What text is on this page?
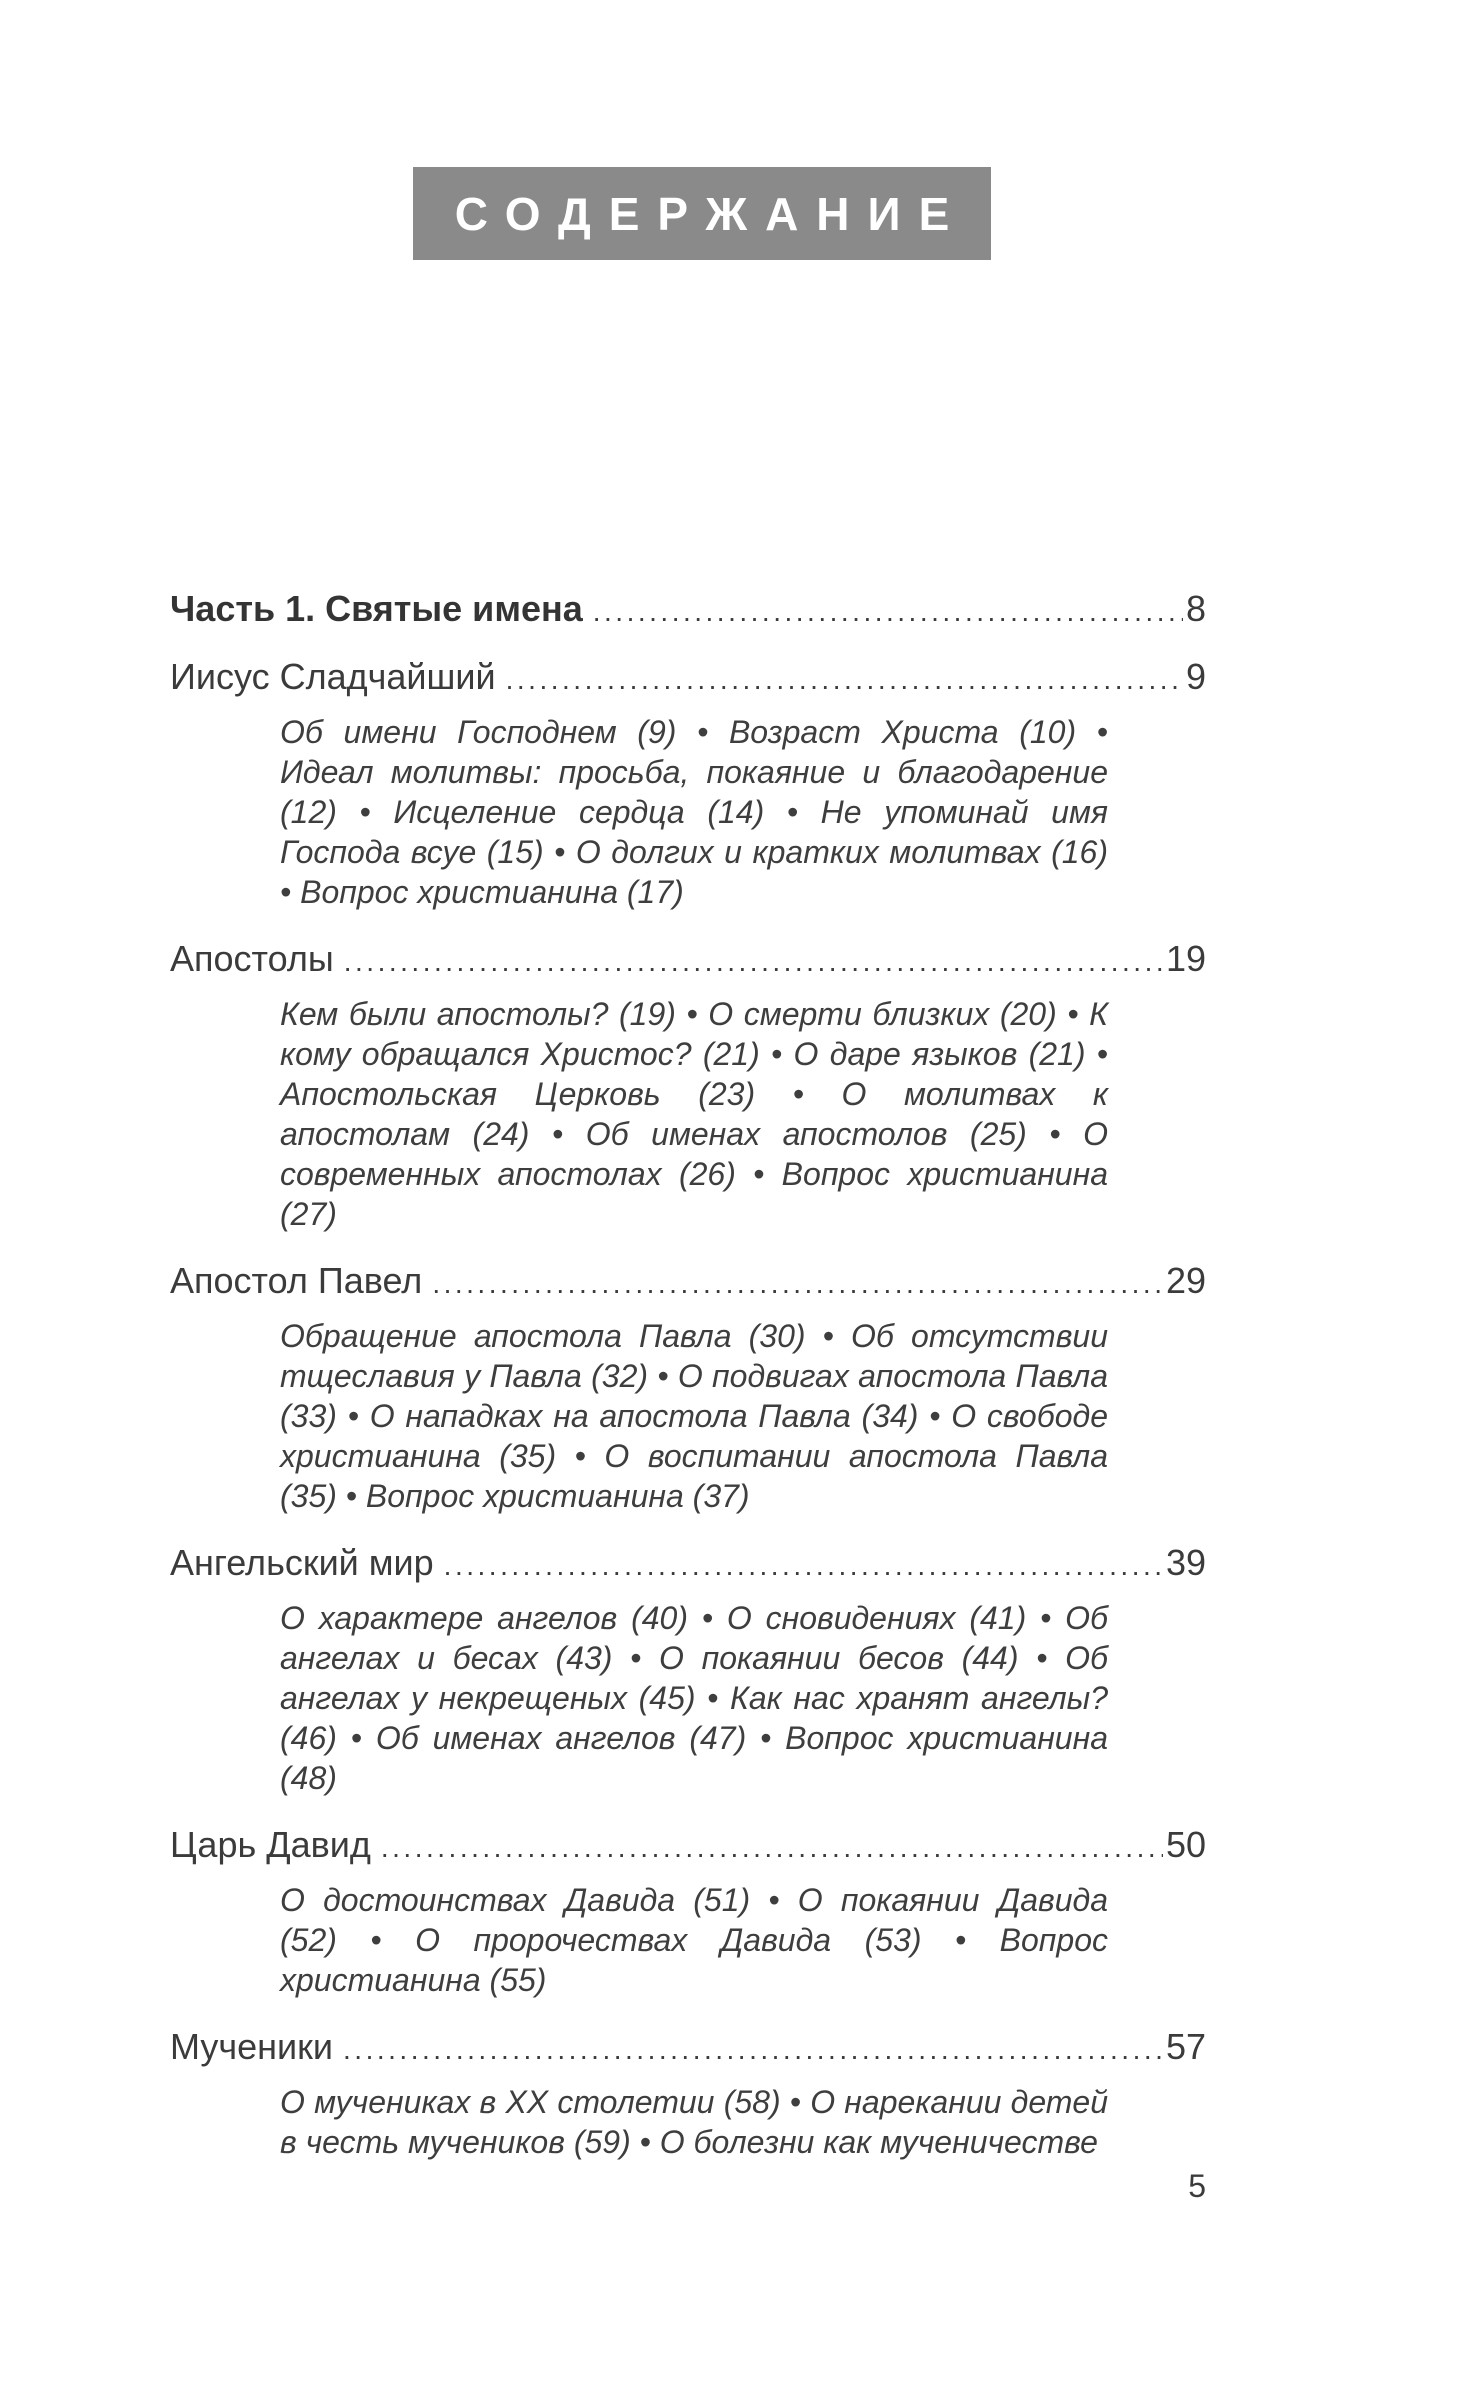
СОДЕРЖАНИЕ
Часть 1. Святые имена .....	8
Иисус Сладчайший .....	9
Об имени Господнем (9) • Возраст Христа (10) • Идеал молитвы: просьба, покаяние и благодарение (12) • Исцеление сердца (14) • Не упоминай имя Господа всуе (15) • О долгих и кратких молитвах (16) • Вопрос христианина (17)
Апостолы .....	19
Кем были апостолы? (19) • О смерти близких (20) • К кому обращался Христос? (21) • О даре языков (21) • Апостольская Церковь (23) • О молитвах к апостолам (24) • Об именах апостолов (25) • О современных апостолах (26) • Вопрос христианина (27)
Апостол Павел .....	29
Обращение апостола Павла (30) • Об отсутствии тщеславия у Павла (32) • О подвигах апостола Павла (33) • О нападках на апостола Павла (34) • О свободе христианина (35) • О воспитании апостола Павла (35) • Вопрос христианина (37)
Ангельский мир .....	39
О характере ангелов (40) • О сновидениях (41) • Об ангелах и бесах (43) • О покаянии бесов (44) • Об ангелах у некрещеных (45) • Как нас хранят ангелы? (46) • Об именах ангелов (47) • Вопрос христианина (48)
Царь Давид .....	50
О достоинствах Давида (51) • О покаянии Давида (52) • О пророчествах Давида (53) • Вопрос христианина (55)
Мученики .....	57
О мучениках в XX столетии (58) • О нарекании детей в честь мучеников (59) • О болезни как мученичестве
5
